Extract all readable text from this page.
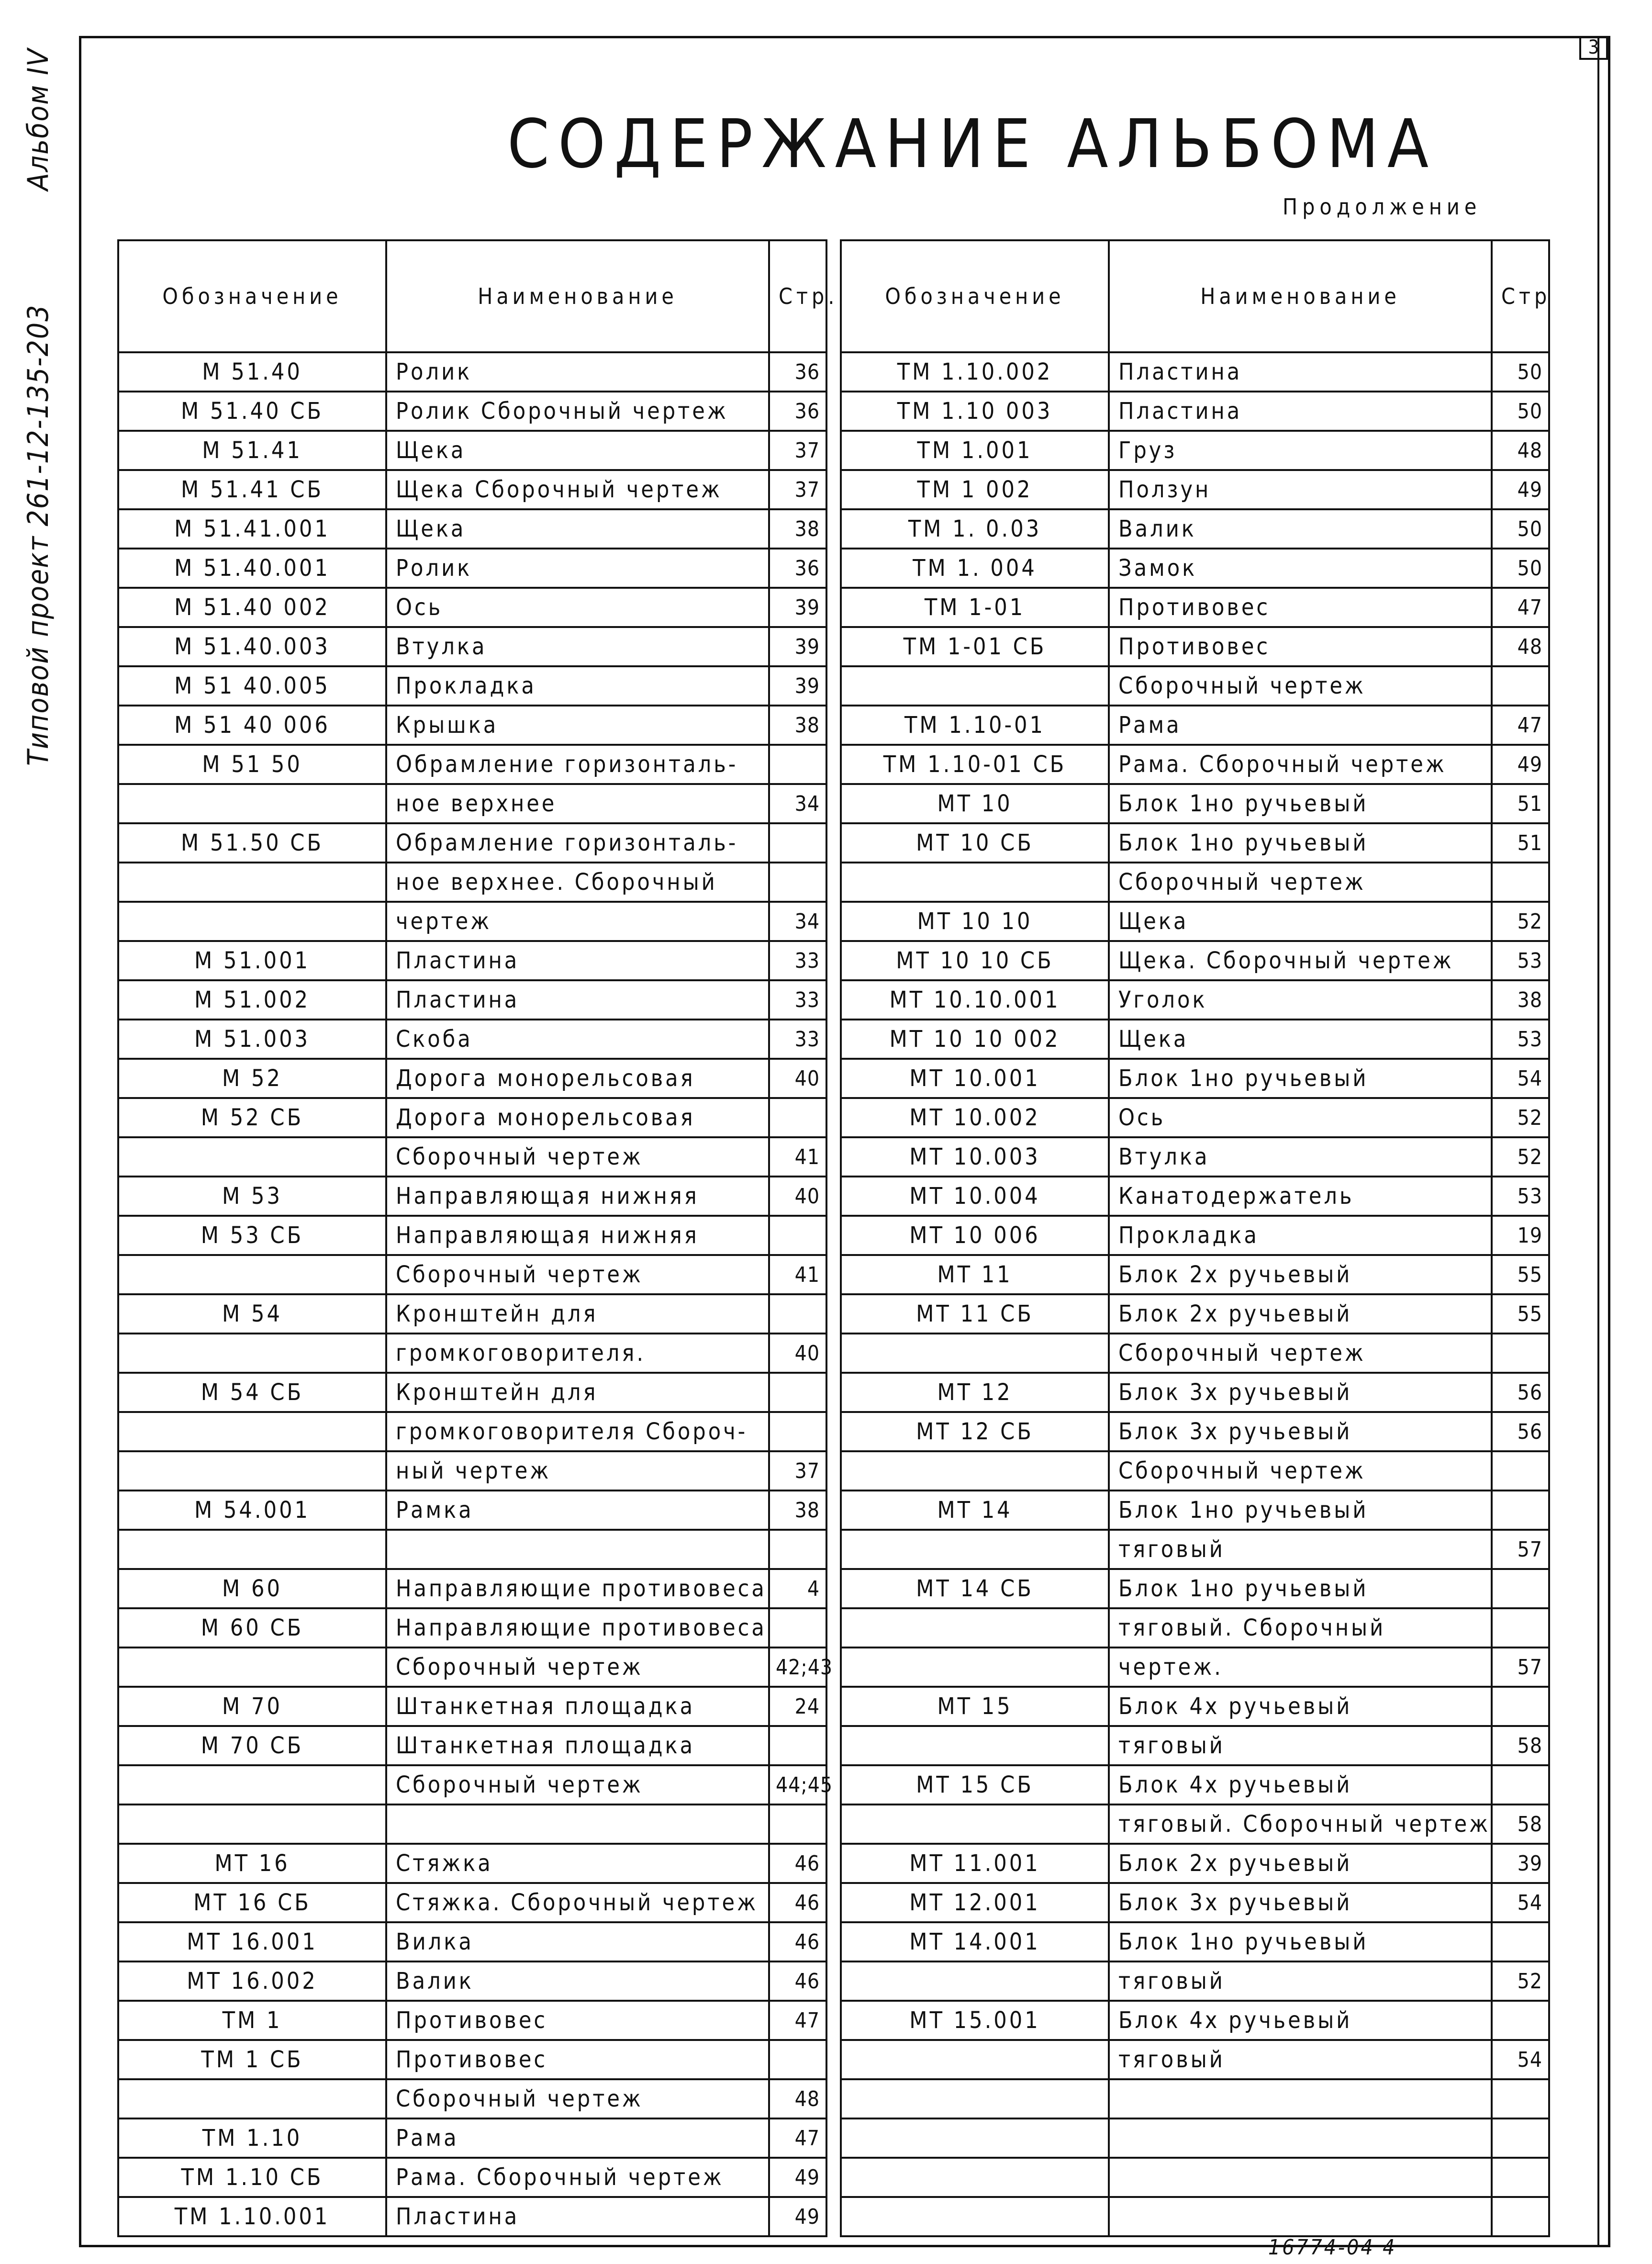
3
Типовой проект 261-12-135-203
Альбом IV	СОДЕРЖАНИЕ АЛЬБОМА
Продолжение
Обозначение	Наименование	Стр.
М 51.40	Ролик	36
М 51.40 СБ	Ролик Сборочный чертеж	36
М 51.41	Щека	37
М 51.41 СБ	Щека Сборочный чертеж	37
М 51.41.001	Щека	38
М 51.40.001	Ролик	36
М 51.40 002	Ось	39
М 51.40.003	Втулка	39
М 51 40.005	Прокладка	39
М 51 40 006	Крышка	38
М 51 50	Обрамление горизонталь-	
	ное верхнее	34
М 51.50 СБ	Обрамление горизонталь-	
	ное верхнее. Сборочный	
	чертеж	34
М 51.001	Пластина	33
М 51.002	Пластина	33
М 51.003	Скоба	33
М 52	Дорога монорельсовая	40
М 52 СБ	Дорога монорельсовая	
	Сборочный чертеж	41
М 53	Направляющая нижняя	40
М 53 СБ	Направляющая нижняя	
	Сборочный чертеж	41
М 54	Кронштейн для	
	громкоговорителя.	40
М 54 СБ	Кронштейн для	
	громкоговорителя Сбороч-	
	ный чертеж	37
М 54.001	Рамка	38

М 60	Направляющие противовеса	4
М 60 СБ	Направляющие противовеса	
	Сборочный чертеж	42;43
М 70	Штанкетная площадка	24
М 70 СБ	Штанкетная площадка	
	Сборочный чертеж	44;45

МТ 16	Стяжка	46
МТ 16 СБ	Стяжка. Сборочный чертеж	46
МТ 16.001	Вилка	46
МТ 16.002	Валик	46
ТМ 1	Противовес	47
ТМ 1 СБ	Противовес	
	Сборочный чертеж	48
ТМ 1.10	Рама	47
ТМ 1.10 СБ	Рама. Сборочный чертеж	49
ТМ 1.10.001	Пластина	49
Обозначение	Наименование	Стр
ТМ 1.10.002	Пластина	50
ТМ 1.10 003	Пластина	50
ТМ 1.001	Груз	48
ТМ 1 002	Ползун	49
ТМ 1. 0.03	Валик	50
ТМ 1. 004	Замок	50
ТМ 1-01	Противовес	47
ТМ 1-01 СБ	Противовес	48
	Сборочный чертеж	
ТМ 1.10-01	Рама	47
ТМ 1.10-01 СБ	Рама. Сборочный чертеж	49
МТ 10	Блок 1но ручьевый	51
МТ 10 СБ	Блок 1но ручьевый	51
	Сборочный чертеж	
МТ 10 10	Щека	52
МТ 10 10 СБ	Щека. Сборочный чертеж	53
МТ 10.10.001	Уголок	38
МТ 10 10 002	Щека	53
МТ 10.001	Блок 1но ручьевый	54
МТ 10.002	Ось	52
МТ 10.003	Втулка	52
МТ 10.004	Канатодержатель	53
МТ 10 006	Прокладка	19
МТ 11	Блок 2х ручьевый	55
МТ 11 СБ	Блок 2х ручьевый	55
	Сборочный чертеж	
МТ 12	Блок 3х ручьевый	56
МТ 12 СБ	Блок 3х ручьевый	56
	Сборочный чертеж	
МТ 14	Блок 1но ручьевый	
	тяговый	57
МТ 14 СБ	Блок 1но ручьевый	
	тяговый. Сборочный	
	чертеж.	57
МТ 15	Блок 4х ручьевый	
	тяговый	58
МТ 15 СБ	Блок 4х ручьевый	
	тяговый. Сборочный чертеж	58
МТ 11.001	Блок 2х ручьевый	39
МТ 12.001	Блок 3х ручьевый	54
МТ 14.001	Блок 1но ручьевый	
	тяговый	52
МТ 15.001	Блок 4х ручьевый	
	тяговый	54

16774-04 4
